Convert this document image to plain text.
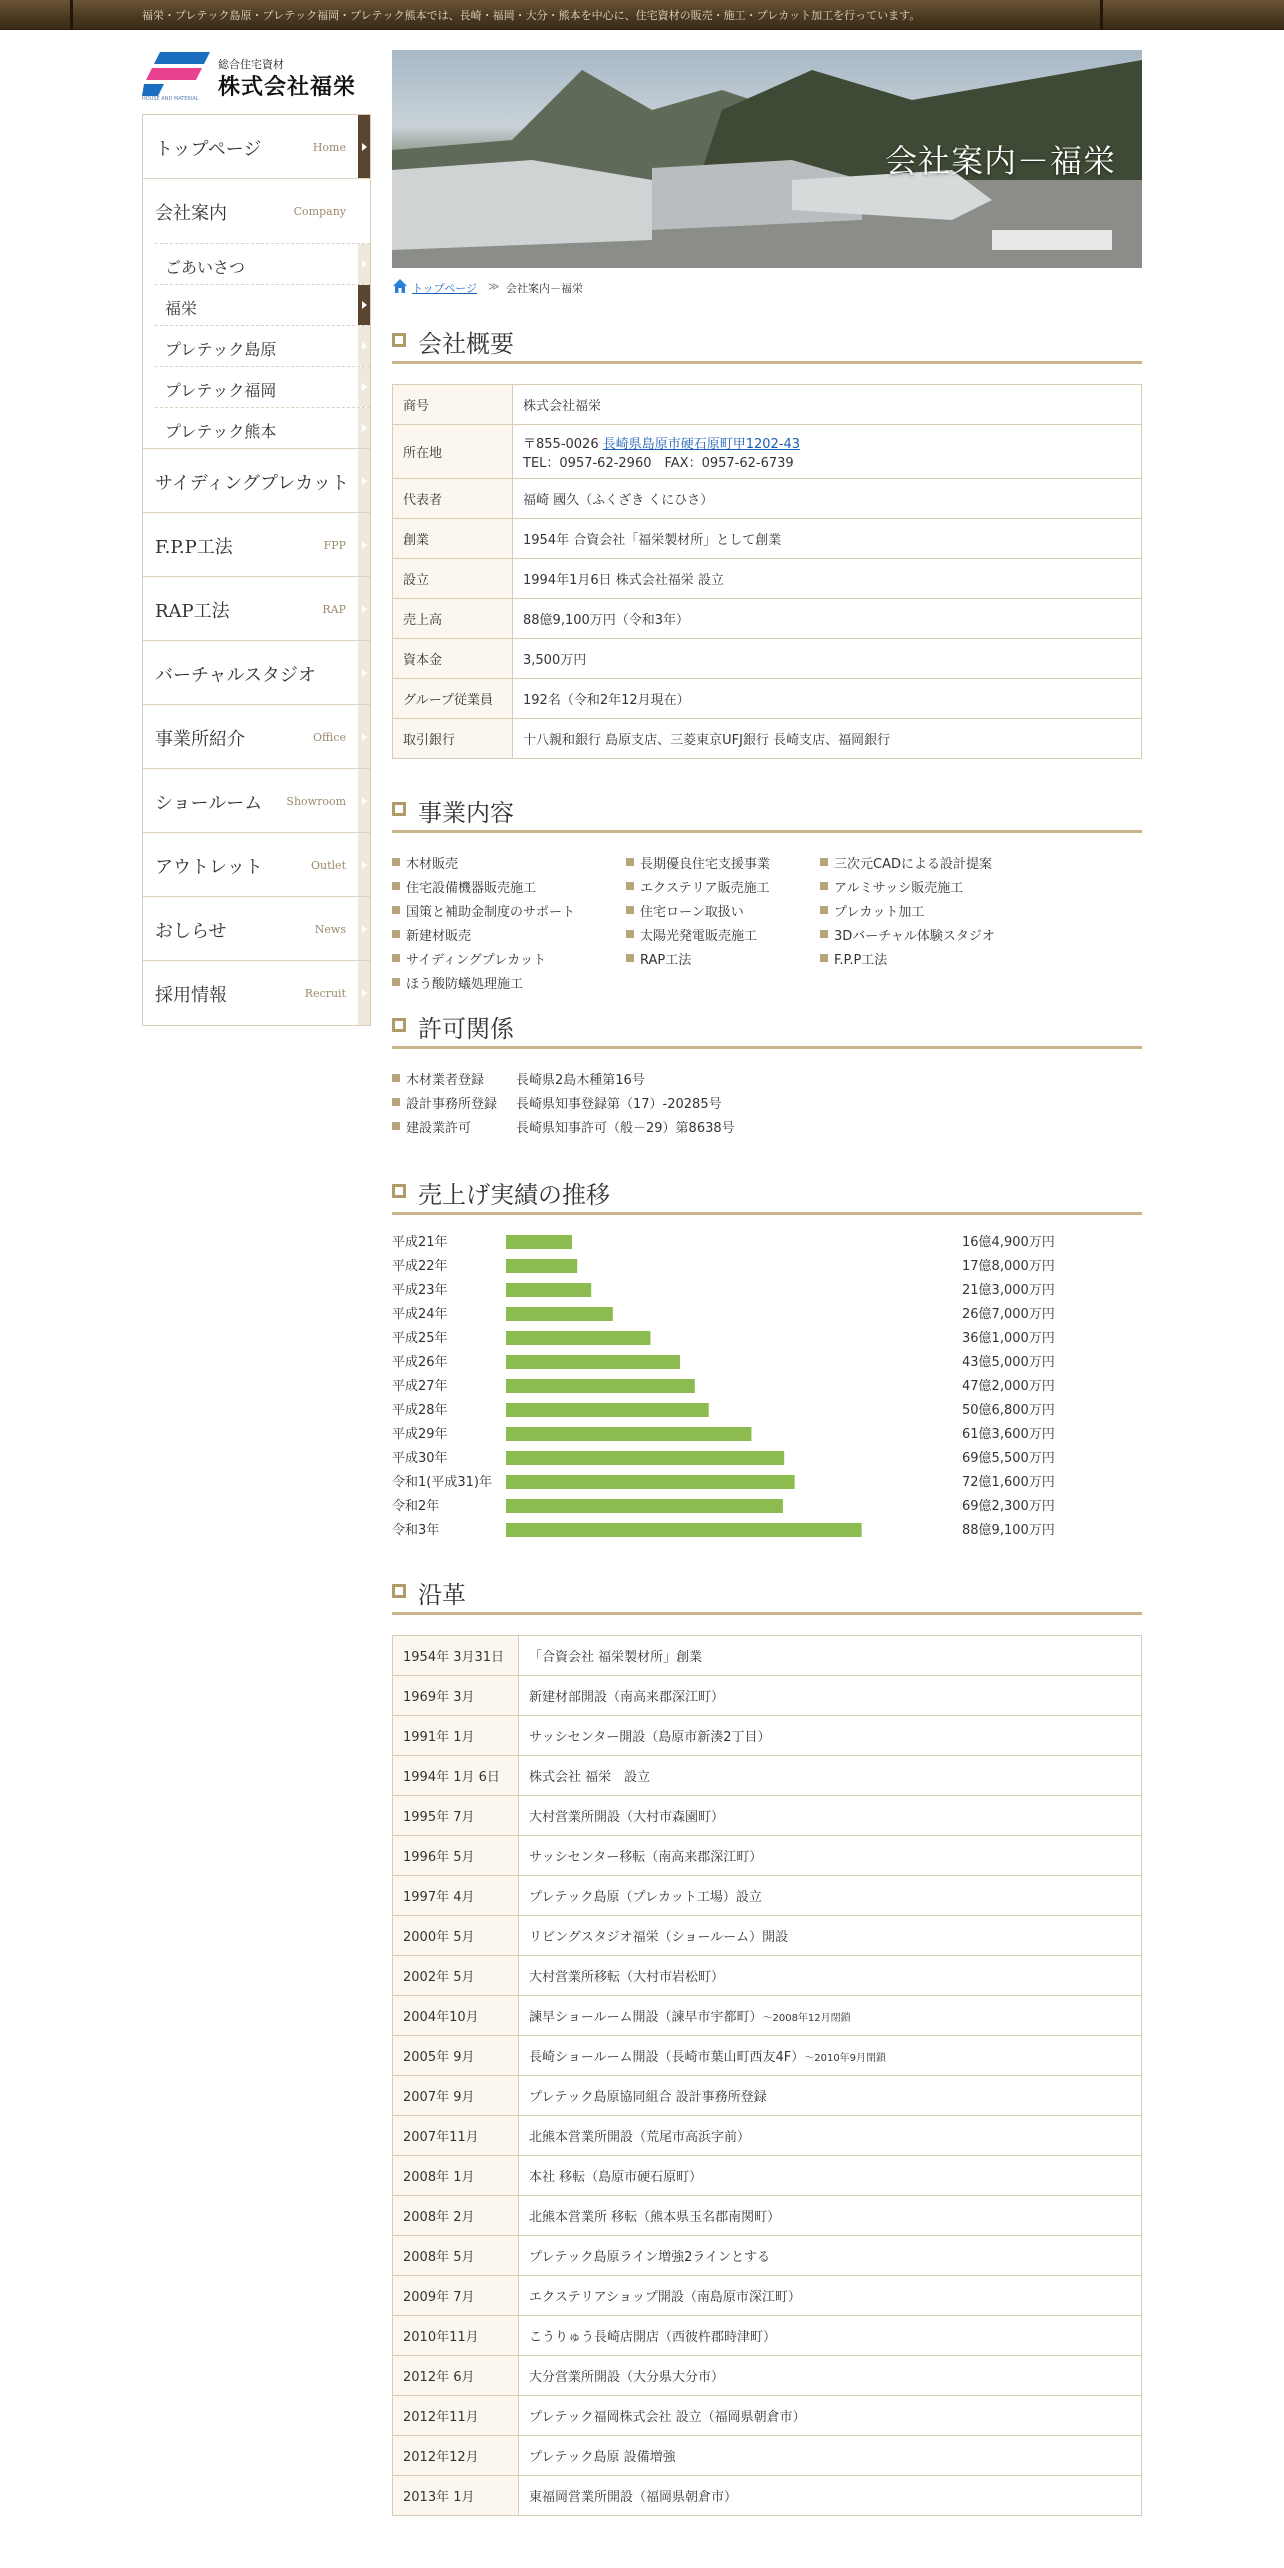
福栄・プレテック島原・プレテック福岡・プレテック熊本では、長崎・福岡・大分・熊本を中心に、住宅資材の販売・施工・プレカット加工を行っています。
総合住宅資材
株式会社福栄
HOUSE AND MATERIAL
トップページ	Home
会社案内	Company
ごあいさつ
福栄
プレテック島原
プレテック福岡
プレテック熊本
サイディングプレカット
F.P.P工法	FPP
RAP工法	RAP
バーチャルスタジオ
事業所紹介	Office
ショールーム Showroom
アウトレット	Outlet
おしらせ	News
採用情報	Recruit
会社案内－福栄
トップページ ≫ 会社案内－福栄
会社概要
商号	株式会社福栄
所在地	〒855-0026 長崎県島原市硬石原町甲1202-43
TEL：0957-62-2960　FAX：0957-62-6739
代表者	福崎 國久（ふくざき くにひさ）
創業	1954年 合資会社「福栄製材所」として創業
設立	1994年1月6日 株式会社福栄 設立
売上高	88億9,100万円（令和3年）
資本金	3,500万円
グループ従業員	192名（令和2年12月現在）
取引銀行	十八親和銀行 島原支店、三菱東京UFJ銀行 長崎支店、福岡銀行
事業内容
木材販売
住宅設備機器販売施工
国策と補助金制度のサポート
新建材販売
サイディングプレカット
ほう酸防蟻処理施工
長期優良住宅支援事業
エクステリア販売施工
住宅ローン取扱い
太陽光発電販売施工
RAP工法
三次元CADによる設計提案
アルミサッシ販売施工
プレカット加工
3Dバーチャル体験スタジオ
F.P.P工法
許可関係
木材業者登録 長崎県2島木種第16号
設計事務所登録 長崎県知事登録第（17）-20285号
建設業許可	長崎県知事許可（般－29）第8638号
売上げ実績の推移
平成21年	16億4,900万円
平成22年	17億8,000万円
平成23年	21億3,000万円
平成24年	26億7,000万円
平成25年	36億1,000万円
平成26年	43億5,000万円
平成27年	47億2,000万円
平成28年	50億6,800万円
平成29年	61億3,600万円
平成30年	69億5,500万円
令和1(平成31)年	72億1,600万円
令和2年	69億2,300万円
令和3年	88億9,100万円
沿革
1954年 3月31日	「合資会社 福栄製材所」創業
1969年 3月	新建材部開設（南高来郡深江町）
1991年 1月	サッシセンター開設（島原市新湊2丁目）
1994年 1月 6日	株式会社 福栄　設立
1995年 7月	大村営業所開設（大村市森園町）
1996年 5月	サッシセンター移転（南高来郡深江町）
1997年 4月	プレテック島原（プレカット工場）設立
2000年 5月	リビングスタジオ福栄（ショールーム）開設
2002年 5月	大村営業所移転（大村市岩松町）
2004年10月	諫早ショールーム開設（諫早市宇都町）～2008年12月閉鎖
2005年 9月	長崎ショールーム開設（長崎市葉山町西友4F）～2010年9月閉鎖
2007年 9月	プレテック島原協同組合 設計事務所登録
2007年11月	北熊本営業所開設（荒尾市高浜字前）
2008年 1月	本社 移転（島原市硬石原町）
2008年 2月	北熊本営業所 移転（熊本県玉名郡南関町）
2008年 5月	プレテック島原ライン増強2ラインとする
2009年 7月	エクステリアショップ開設（南島原市深江町）
2010年11月	こうりゅう長崎店開店（西彼杵郡時津町）
2012年 6月	大分営業所開設（大分県大分市）
2012年11月	プレテック福岡株式会社 設立（福岡県朝倉市）
2012年12月	プレテック島原 設備増強
2013年 1月	東福岡営業所開設（福岡県朝倉市）
